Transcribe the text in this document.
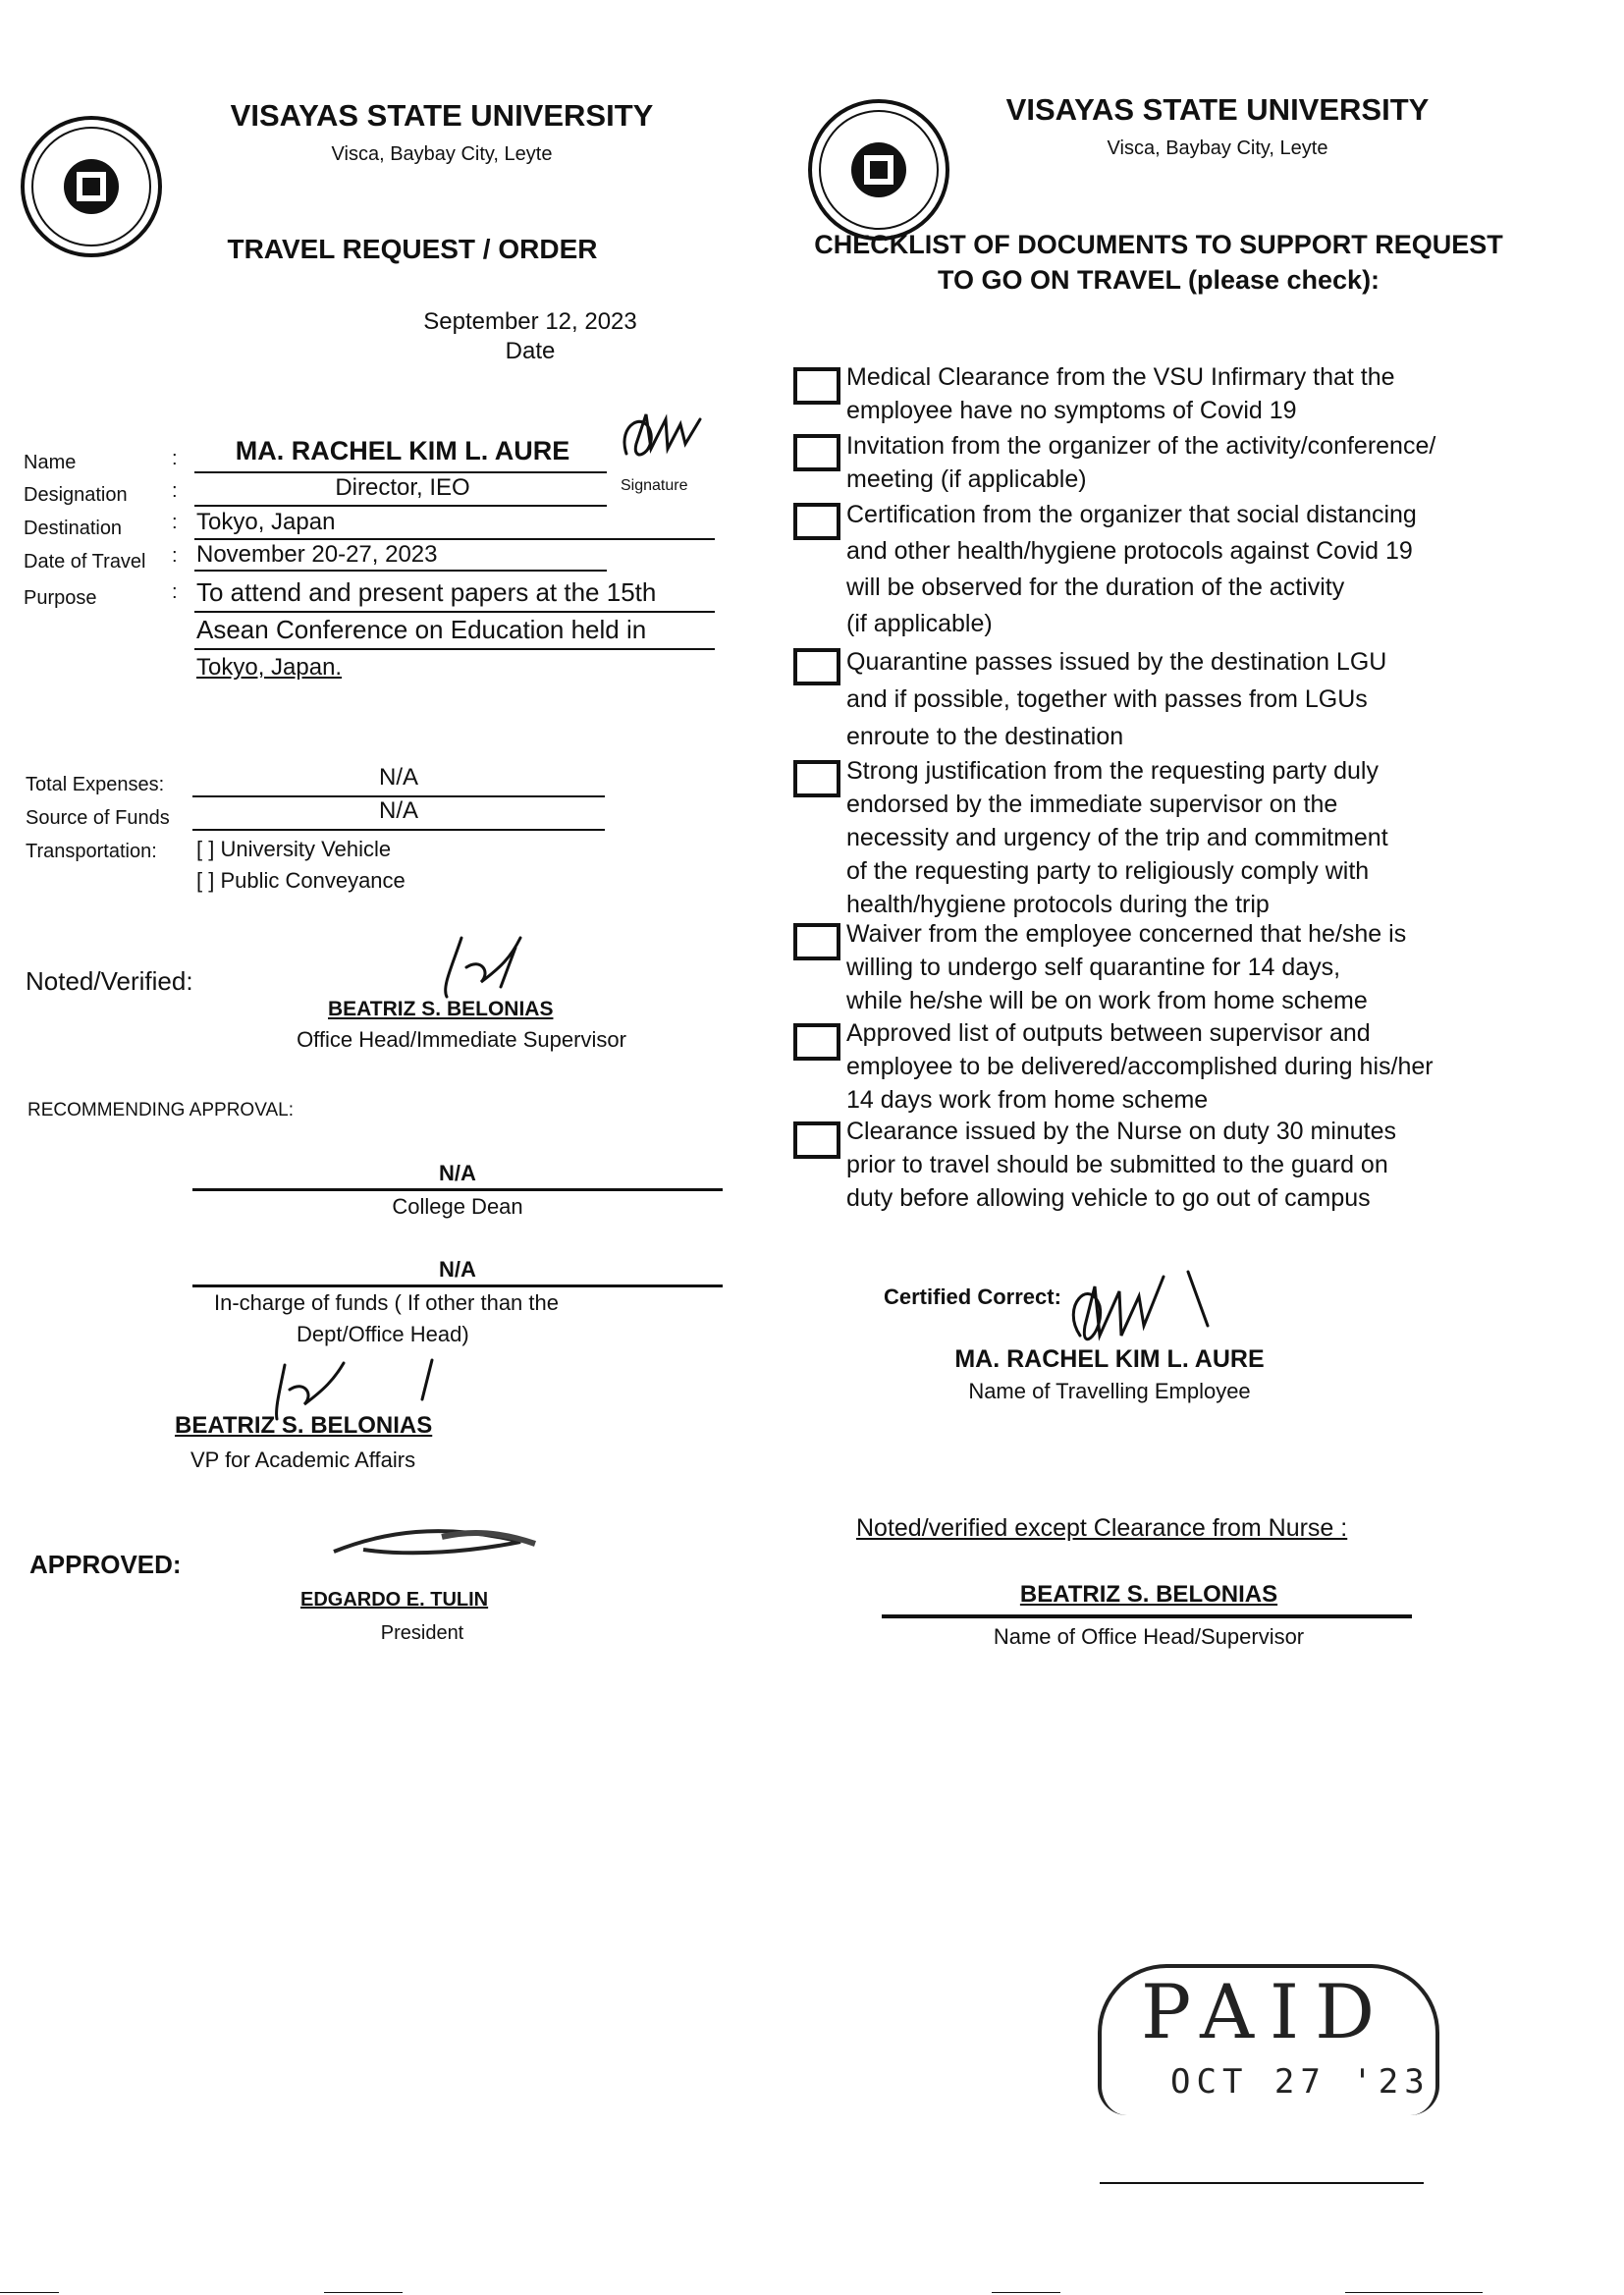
VISAYAS STATE UNIVERSITY
Visca, Baybay City, Leyte
TRAVEL REQUEST / ORDER
September 12, 2023
Date
Name	:	MA. RACHEL KIM L. AURE
Signature
Designation :	Director, IEO
Destination	: Tokyo, Japan
Date of Travel : November 20-27, 2023
Purpose	: To attend and present papers at the 15th
Asean Conference on Education held in
Tokyo, Japan.
Total Expenses:	N/A
Source of Funds	N/A
Transportation: [ ] University Vehicle
[ ] Public Conveyance
Noted/Verified:
BEATRIZ S. BELONIAS
Office Head/Immediate Supervisor
RECOMMENDING APPROVAL:
N/A
College Dean
N/A
In-charge of funds ( If other than the
Dept/Office Head)
BEATRIZ S. BELONIAS
VP for Academic Affairs
APPROVED:
EDGARDO E. TULIN
President
VISAYAS STATE UNIVERSITY
Visca, Baybay City, Leyte
CHECKLIST OF DOCUMENTS TO SUPPORT REQUEST
TO GO ON TRAVEL (please check):
Medical Clearance from the VSU Infirmary that the
employee have no symptoms of Covid 19
Invitation from the organizer of the activity/conference/
meeting (if applicable)
Certification from the organizer that social distancing
and other health/hygiene protocols against Covid 19
will be observed for the duration of the activity
(if applicable)
Quarantine passes issued by the destination LGU
and if possible, together with passes from LGUs
enroute to the destination
Strong justification from the requesting party duly
endorsed by the immediate supervisor on the
necessity and urgency of the trip and commitment
of the requesting party to religiously comply with
health/hygiene protocols during the trip
Waiver from the employee concerned that he/she is
willing to undergo self quarantine for 14 days,
while he/she will be on work from home scheme
Approved list of outputs between supervisor and
employee to be delivered/accomplished during his/her
14 days work from home scheme
Clearance issued by the Nurse on duty 30 minutes
prior to travel should be submitted to the guard on
duty before allowing vehicle to go out of campus
Certified Correct:
MA. RACHEL KIM L. AURE
Name of Travelling Employee
Noted/verified except Clearance from Nurse :
BEATRIZ S. BELONIAS
Name of Office Head/Supervisor
PAID
OCT 27 '23
